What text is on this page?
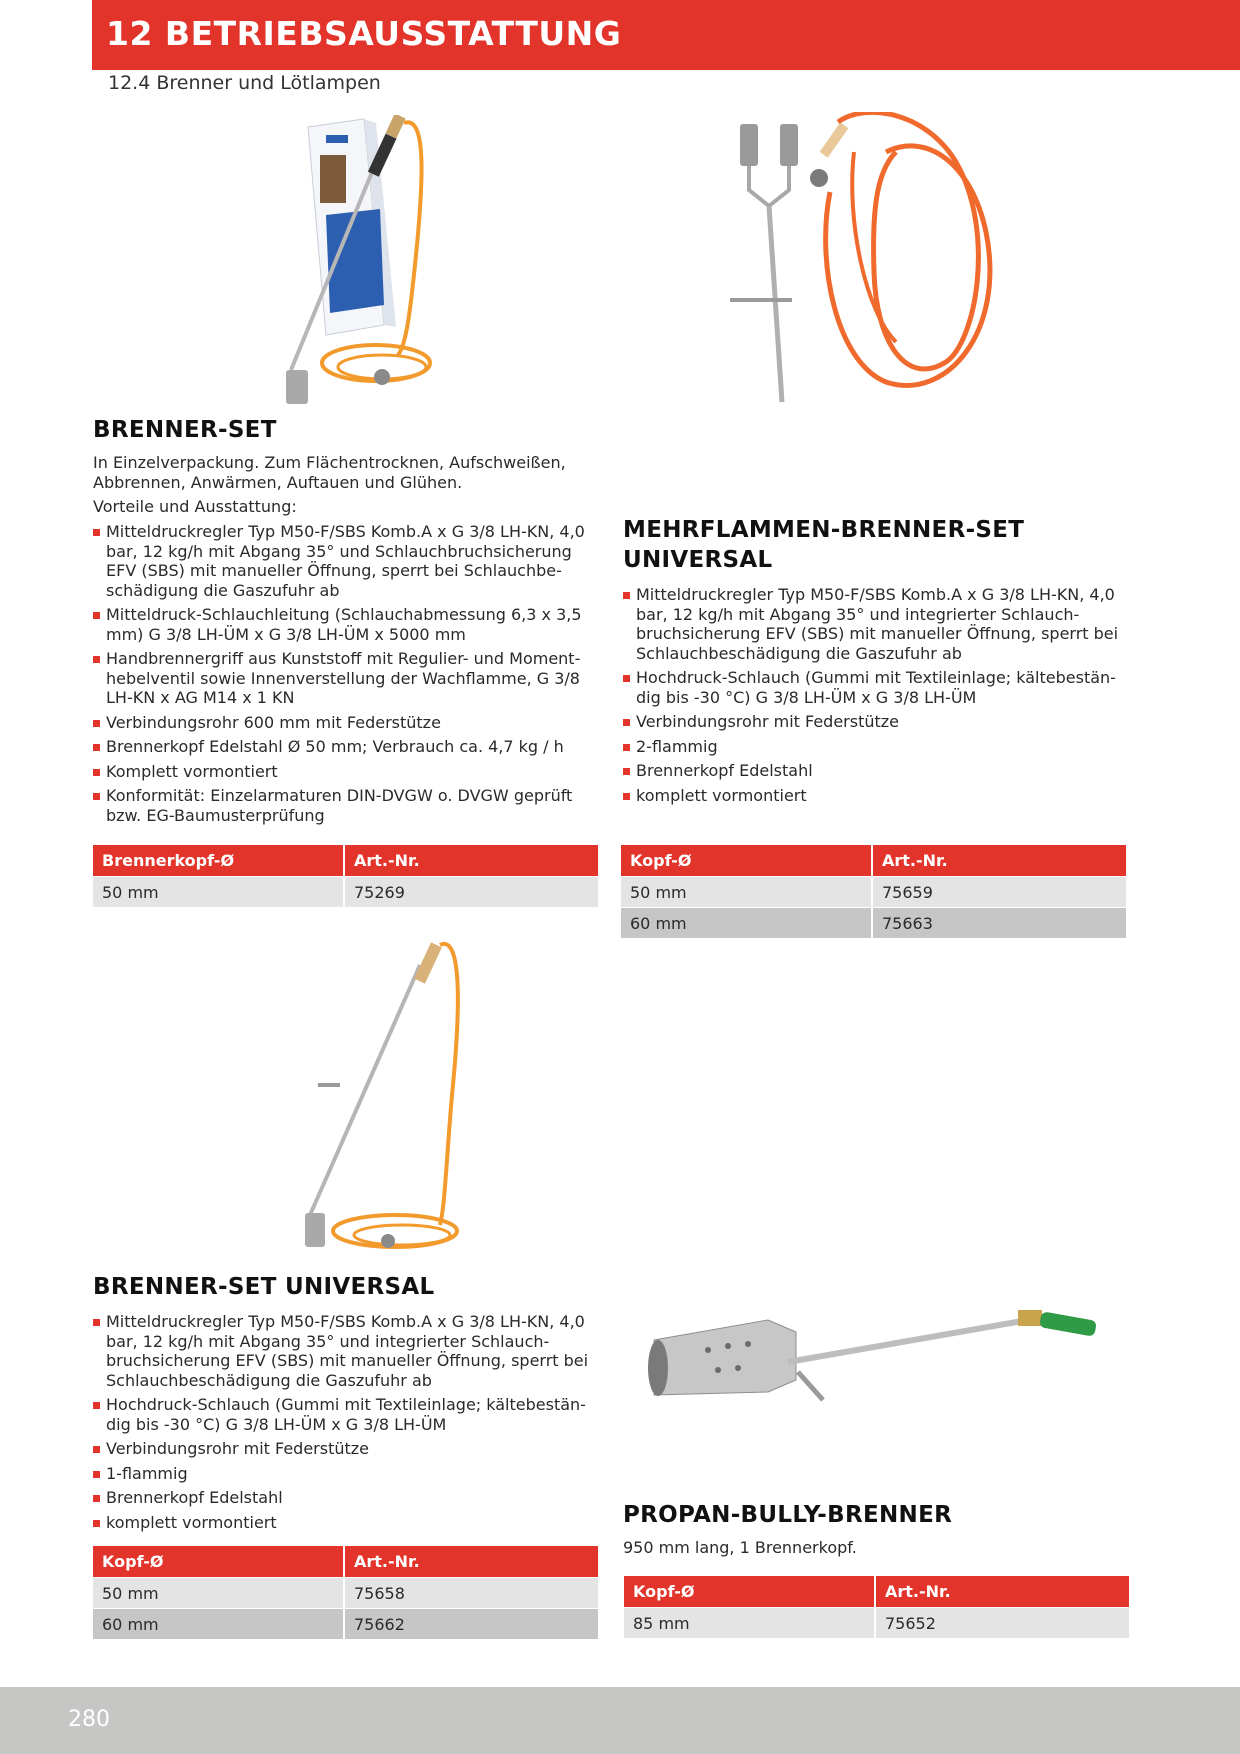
12 BETRIEBSAUSSTATTUNG

12.4 Brenner und Lötlampen

BRENNER-SET

In Einzelverpackung. Zum Flächentrocknen, Aufschweißen, Abbrennen, Anwärmen, Auftauen und Glühen.

Vorteile und Ausstattung:

Mitteldruckregler Typ M50-F/SBS Komb.A x G 3/8 LH-KN, 4,0 bar, 12 kg/h mit Abgang 35° und Schlauchbruchsicherung EFV (SBS) mit manueller Öffnung, sperrt bei Schlauchbe-schädigung die Gaszufuhr ab
Mitteldruck-Schlauchleitung (Schlauchabmessung 6,3 x 3,5 mm) G 3/8 LH-ÜM x G 3/8 LH-ÜM x 5000 mm
Handbrennergriff aus Kunststoff mit Regulier- und Moment-hebelventil sowie Innenverstellung der Wachflamme, G 3/8 LH-KN x AG M14 x 1 KN
Verbindungsrohr 600 mm mit Federstütze
Brennerkopf Edelstahl Ø 50 mm; Verbrauch ca. 4,7 kg / h
Komplett vormontiert
Konformität: Einzelarmaturen DIN-DVGW o. DVGW geprüft bzw. EG-Baumusterprüfung
Brennerkopf-Ø	Art.-Nr.
50 mm	75269
MEHRFLAMMEN-BRENNER-SET
UNIVERSAL
Mitteldruckregler Typ M50-F/SBS Komb.A x G 3/8 LH-KN, 4,0 bar, 12 kg/h mit Abgang 35° und integrierter Schlauch-bruchsicherung EFV (SBS) mit manueller Öffnung, sperrt bei Schlauchbeschädigung die Gaszufuhr ab
Hochdruck-Schlauch (Gummi mit Textileinlage; kältebestän-dig bis -30 °C) G 3/8 LH-ÜM x G 3/8 LH-ÜM
Verbindungsrohr mit Federstütze
2-flammig
Brennerkopf Edelstahl
komplett vormontiert
Kopf-Ø	Art.-Nr.
50 mm	75659
60 mm	75663
BRENNER-SET UNIVERSAL
Mitteldruckregler Typ M50-F/SBS Komb.A x G 3/8 LH-KN, 4,0 bar, 12 kg/h mit Abgang 35° und integrierter Schlauch-bruchsicherung EFV (SBS) mit manueller Öffnung, sperrt bei Schlauchbeschädigung die Gaszufuhr ab
Hochdruck-Schlauch (Gummi mit Textileinlage; kältebestän-dig bis -30 °C) G 3/8 LH-ÜM x G 3/8 LH-ÜM
Verbindungsrohr mit Federstütze
1-flammig
Brennerkopf Edelstahl
komplett vormontiert
Kopf-Ø	Art.-Nr.
50 mm	75658
60 mm	75662
PROPAN-BULLY-BRENNER

950 mm lang, 1 Brennerkopf.

Kopf-Ø	Art.-Nr.
85 mm	75652

280
